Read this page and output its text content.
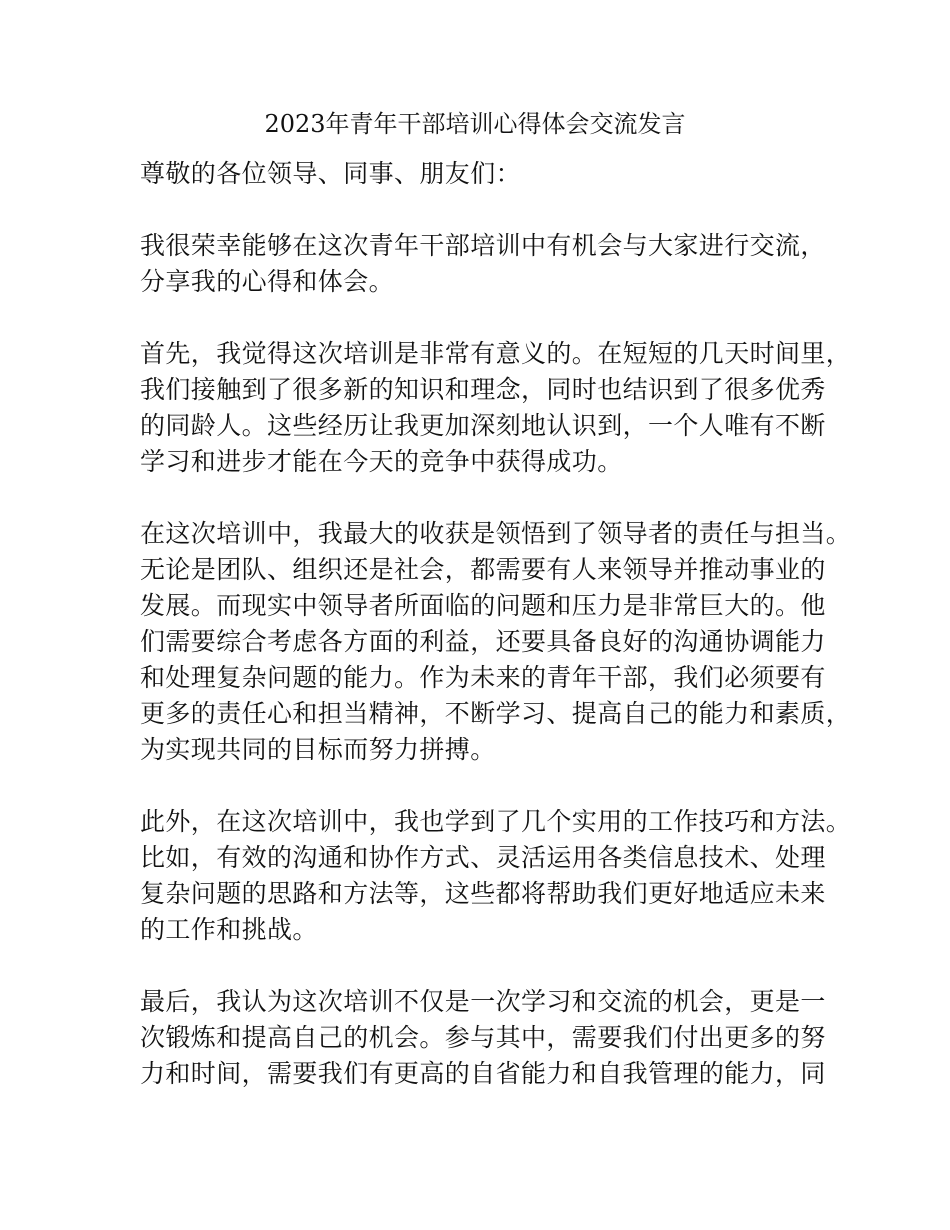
2023年青年干部培训心得体会交流发言
尊敬的各位领导、同事、朋友们：
我很荣幸能够在这次青年干部培训中有机会与大家进行交流，
分享我的心得和体会。
首先，我觉得这次培训是非常有意义的。在短短的几天时间里，
我们接触到了很多新的知识和理念，同时也结识到了很多优秀
的同龄人。这些经历让我更加深刻地认识到，一个人唯有不断
学习和进步才能在今天的竞争中获得成功。
在这次培训中，我最大的收获是领悟到了领导者的责任与担当。
无论是团队、组织还是社会，都需要有人来领导并推动事业的
发展。而现实中领导者所面临的问题和压力是非常巨大的。他
们需要综合考虑各方面的利益，还要具备良好的沟通协调能力
和处理复杂问题的能力。作为未来的青年干部，我们必须要有
更多的责任心和担当精神，不断学习、提高自己的能力和素质，
为实现共同的目标而努力拼搏。
此外，在这次培训中，我也学到了几个实用的工作技巧和方法。
比如，有效的沟通和协作方式、灵活运用各类信息技术、处理
复杂问题的思路和方法等，这些都将帮助我们更好地适应未来
的工作和挑战。
最后，我认为这次培训不仅是一次学习和交流的机会，更是一
次锻炼和提高自己的机会。参与其中，需要我们付出更多的努
力和时间，需要我们有更高的自省能力和自我管理的能力，同
